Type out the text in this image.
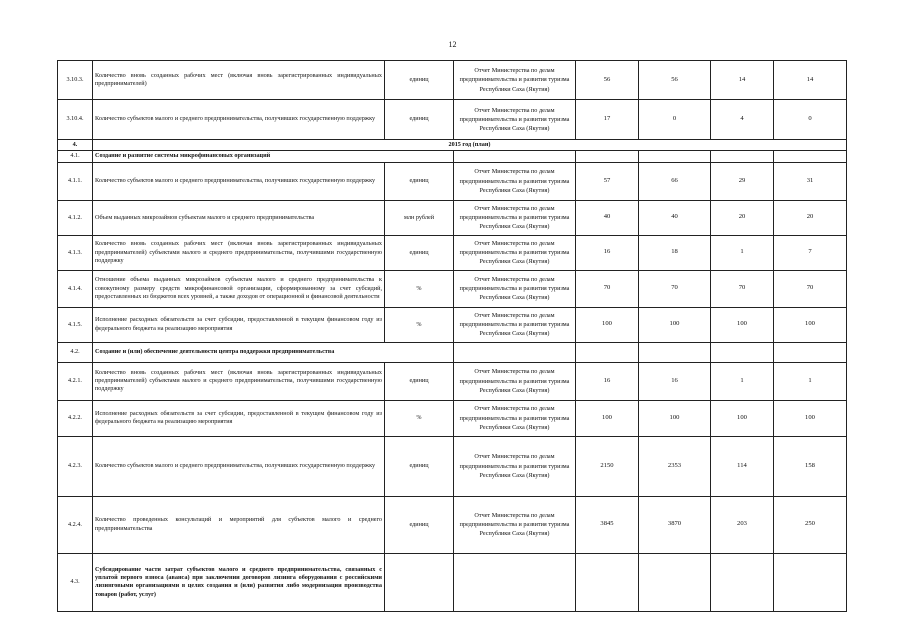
12
3.10.3.	Количество вновь созданных рабочих мест (включая вновь зарегистрированных индивидуальных предпринимателей)	единиц	Отчет Министерства по делам предпринимательства и развития туризма Республики Саха (Якутия)	56	56	14	14
3.10.4.	Количество субъектов малого и среднего предпринимательства, получивших государственную поддержку	единиц	Отчет Министерства по делам предпринимательства и развития туризма Республики Саха (Якутия)	17	0	4	0
4.	2015 год (план)						
4.1.	Создание и развитие системы микрофинансовых организаций						
4.1.1.	Количество субъектов малого и среднего предпринимательства, получивших государственную поддержку	единиц	Отчет Министерства по делам предпринимательства и развития туризма Республики Саха (Якутия)	57	66	29	31
4.1.2.	Объем выданных микрозаймов субъектам малого и среднего предпринимательства	млн рублей	Отчет Министерства по делам предпринимательства и развития туризма Республики Саха (Якутия)	40	40	20	20
4.1.3.	Количество вновь созданных рабочих мест (включая вновь зарегистрированных индивидуальных предпринимателей) субъектами малого и среднего предпринимательства, получившими государственную поддержку	единиц	Отчет Министерства по делам предпринимательства и развития туризма Республики Саха (Якутия)	16	18	1	7
4.1.4.	Отношение объема выданных микрозаймов субъектам малого и среднего предпринимательства к совокупному размеру средств микрофинансовой организации, сформированному за счет субсидий, предоставленных из бюджетов всех уровней, а также доходов от операционной и финансовой деятельности	%	Отчет Министерства по делам предпринимательства и развития туризма Республики Саха (Якутия)	70	70	70	70
4.1.5.	Исполнение расходных обязательств за счет субсидии, предоставленной в текущем финансовом году из федерального бюджета на реализацию мероприятия	%	Отчет Министерства по делам предпринимательства и развития туризма Республики Саха (Якутия)	100	100	100	100
4.2.	Создание и (или) обеспечение деятельности центра поддержки предпринимательства						
4.2.1.	Количество вновь созданных рабочих мест (включая вновь зарегистрированных индивидуальных предпринимателей) субъектами малого и среднего предпринимательства, получившими государственную поддержку	единиц	Отчет Министерства по делам предпринимательства и развития туризма Республики Саха (Якутия)	16	16	1	1
4.2.2.	Исполнение расходных обязательств за счет субсидии, предоставленной в текущем финансовом году из федерального бюджета на реализацию мероприятия	%	Отчет Министерства по делам предпринимательства и развития туризма Республики Саха (Якутия)	100	100	100	100
4.2.3.	Количество субъектов малого и среднего предпринимательства, получивших государственную поддержку	единиц	Отчет Министерства по делам предпринимательства и развития туризма Республики Саха (Якутия)	2150	2353	114	158
4.2.4.	Количество проведенных консультаций и мероприятий для субъектов малого и среднего предпринимательства	единиц	Отчет Министерства по делам предпринимательства и развития туризма Республики Саха (Якутия)	3845	3870	203	250
4.3.	Субсидирование части затрат субъектов малого и среднего предпринимательства, связанных с уплатой первого взноса (аванса) при заключении договоров лизинга оборудования с российскими лизинговыми организациями в целях создания и (или) развития либо модернизации производства товаров (работ, услуг)						
